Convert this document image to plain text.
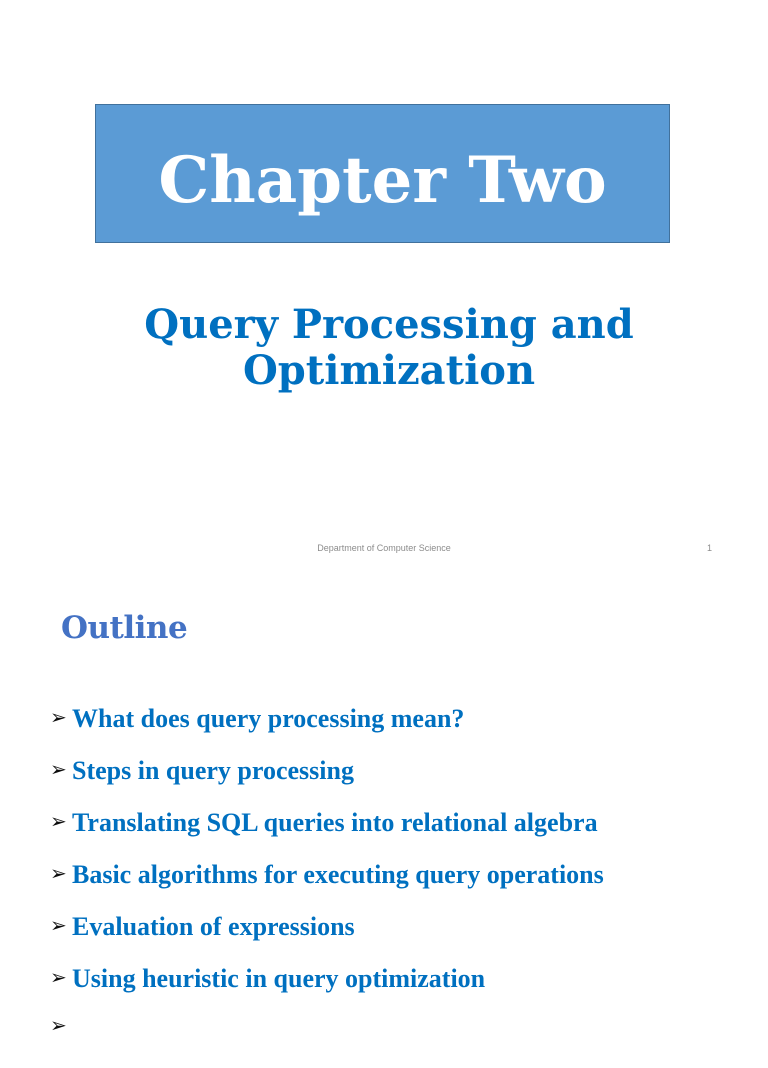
Chapter Two
Query Processing and
Optimization
Department of Computer Science	1
Outline
➢ What does query processing mean?
➢ Steps in query processing
➢ Translating SQL queries into relational algebra
➢ Basic algorithms for executing query operations
➢ Evaluation of expressions
➢ Using heuristic in query optimization
➢
